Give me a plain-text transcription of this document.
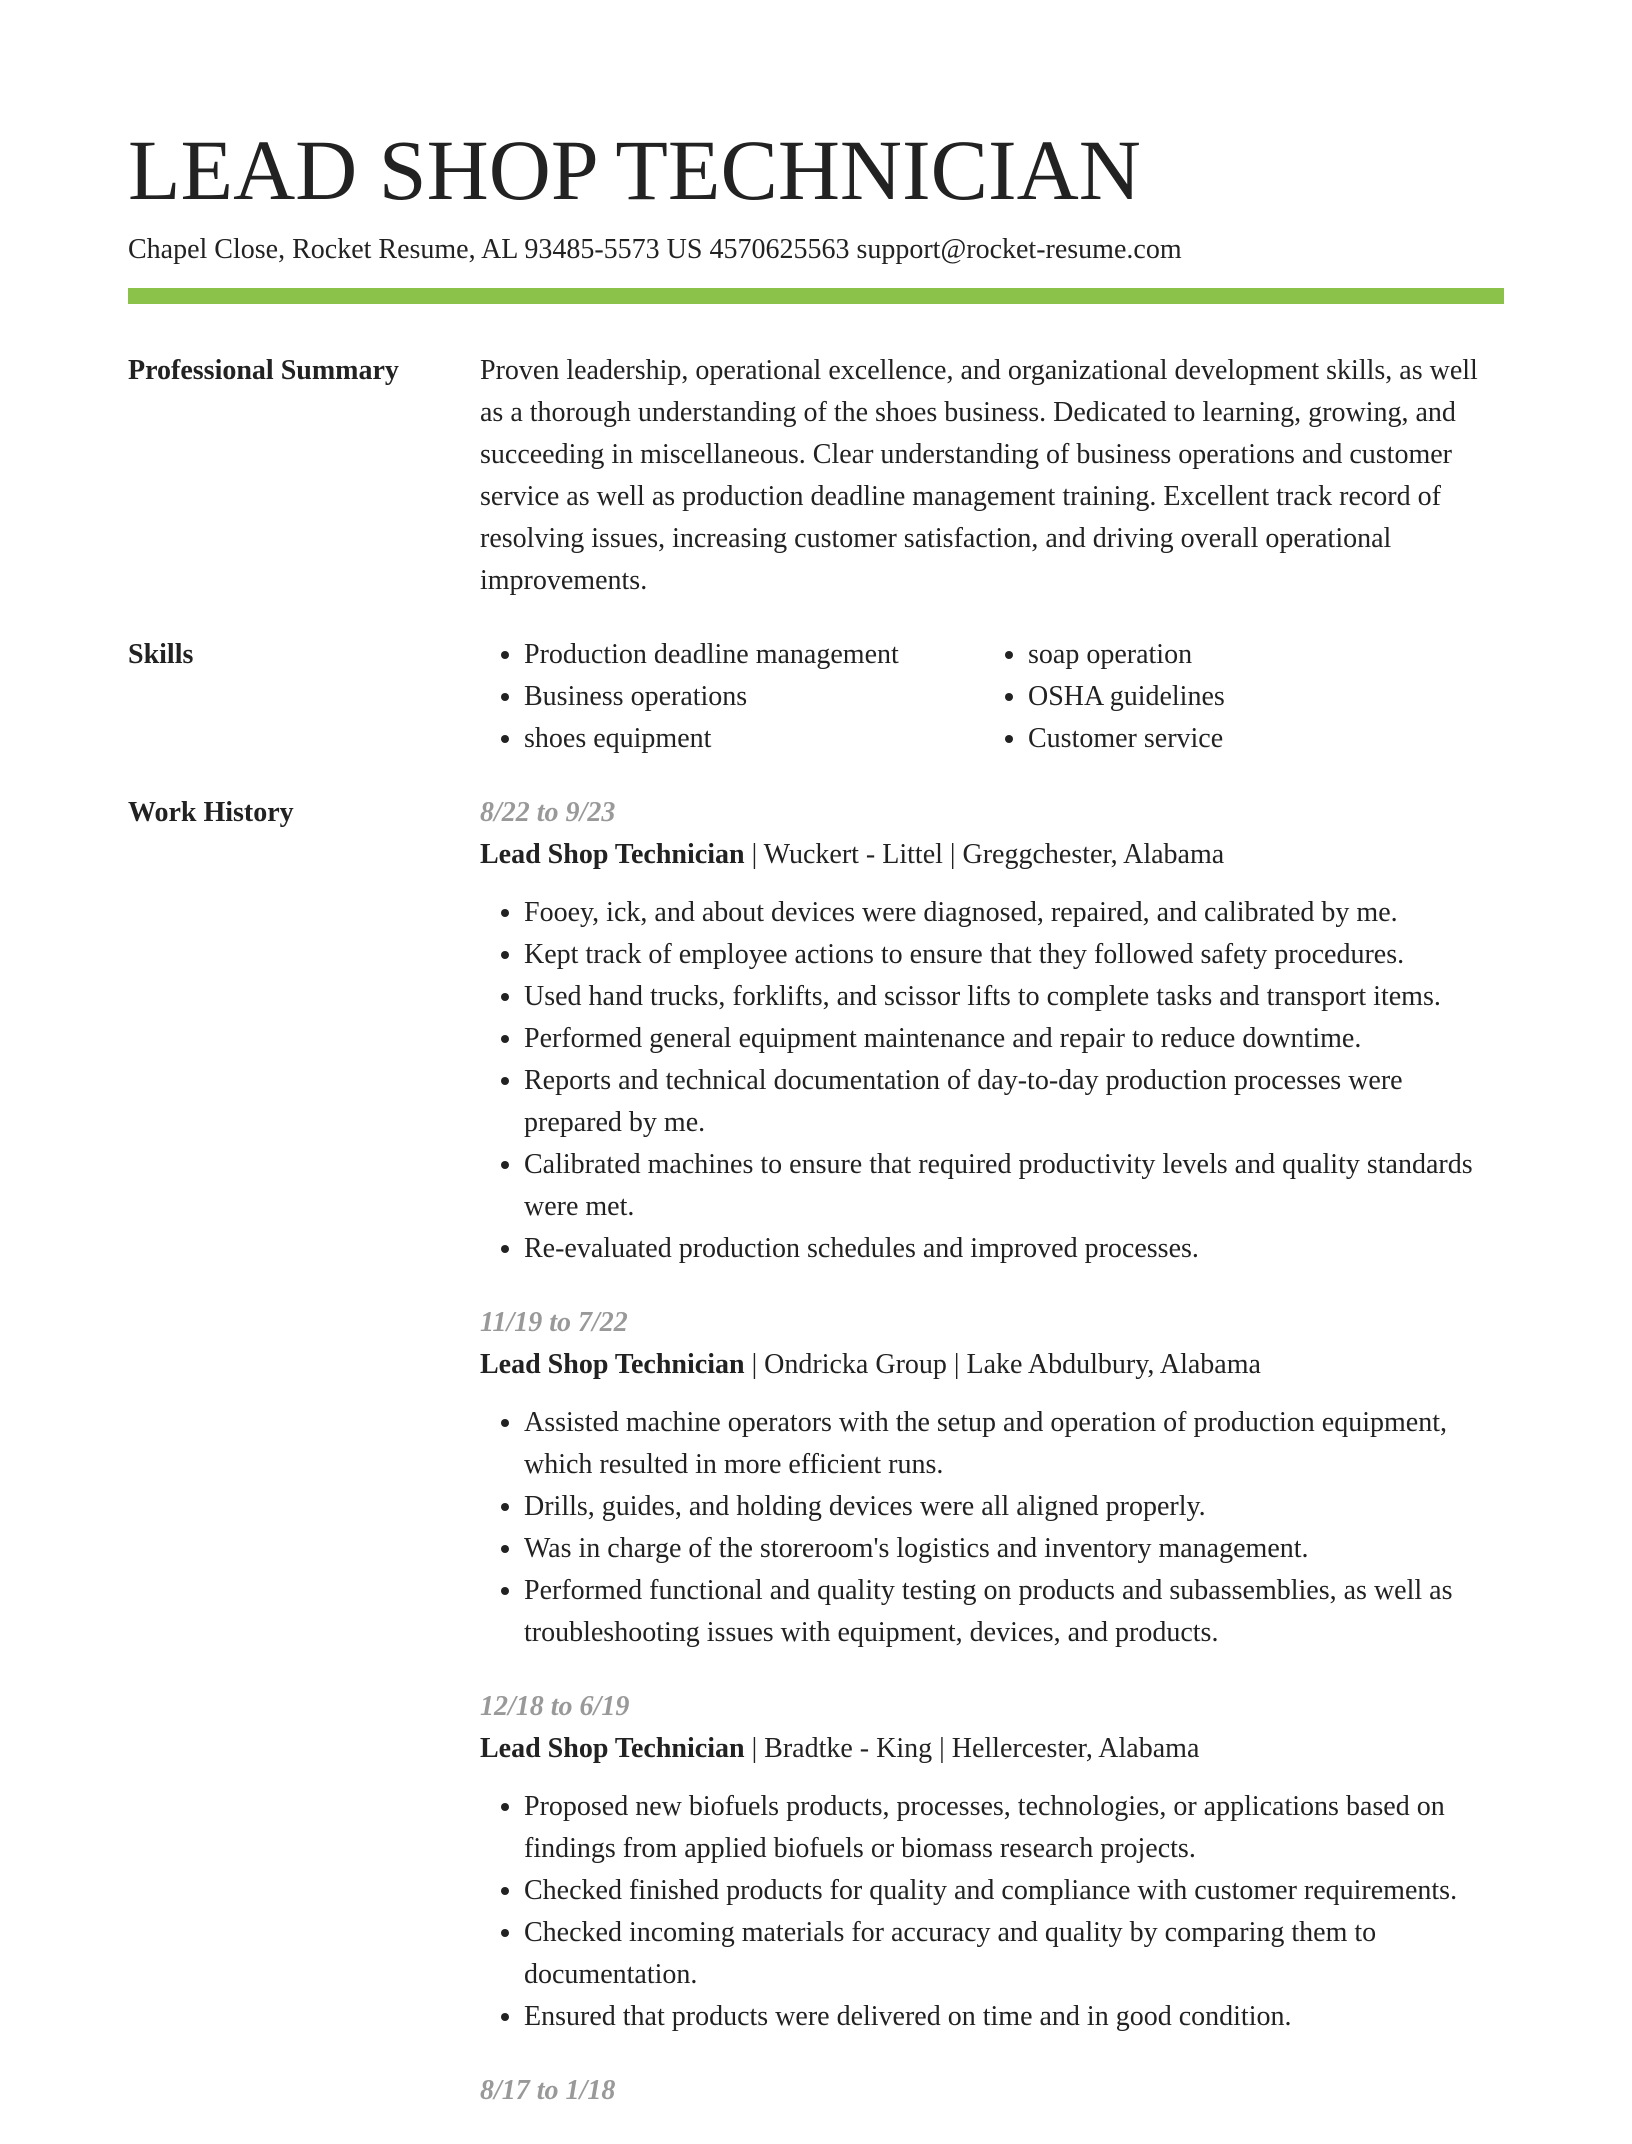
LEAD SHOP TECHNICIAN
Chapel Close, Rocket Resume, AL 93485-5573 US 4570625563 support@rocket-resume.com
Professional Summary	Proven leadership, operational excellence, and organizational development skills, as well as a thorough understanding of the shoes business. Dedicated to learning, growing, and succeeding in miscellaneous. Clear understanding of business operations and customer service as well as production deadline management training. Excellent track record of resolving issues, increasing customer satisfaction, and driving overall operational improvements.

Skills
•	Production deadline management
• Business operations
• shoes equipment
• soap operation
• OSHA guidelines
• Customer service
Work History	8/22 to 9/23
Lead Shop Technician | Wuckert - Littel | Greggchester, Alabama
• Fooey, ick, and about devices were diagnosed, repaired, and calibrated by me.
• Kept track of employee actions to ensure that they followed safety procedures.
• Used hand trucks, forklifts, and scissor lifts to complete tasks and transport items.
• Performed general equipment maintenance and repair to reduce downtime.
• Reports and technical documentation of day-to-day production processes were prepared by me.
• Calibrated machines to ensure that required productivity levels and quality standards were met.
• Re-evaluated production schedules and improved processes.
11/19 to 7/22
Lead Shop Technician | Ondricka Group | Lake Abdulbury, Alabama
• Assisted machine operators with the setup and operation of production equipment, which resulted in more efficient runs.
• Drills, guides, and holding devices were all aligned properly.
• Was in charge of the storeroom's logistics and inventory management.
• Performed functional and quality testing on products and subassemblies, as well as troubleshooting issues with equipment, devices, and products.
12/18 to 6/19
Lead Shop Technician | Bradtke - King | Hellercester, Alabama
• Proposed new biofuels products, processes, technologies, or applications based on findings from applied biofuels or biomass research projects.
• Checked finished products for quality and compliance with customer requirements.
• Checked incoming materials for accuracy and quality by comparing them to documentation.
• Ensured that products were delivered on time and in good condition.
8/17 to 1/18
